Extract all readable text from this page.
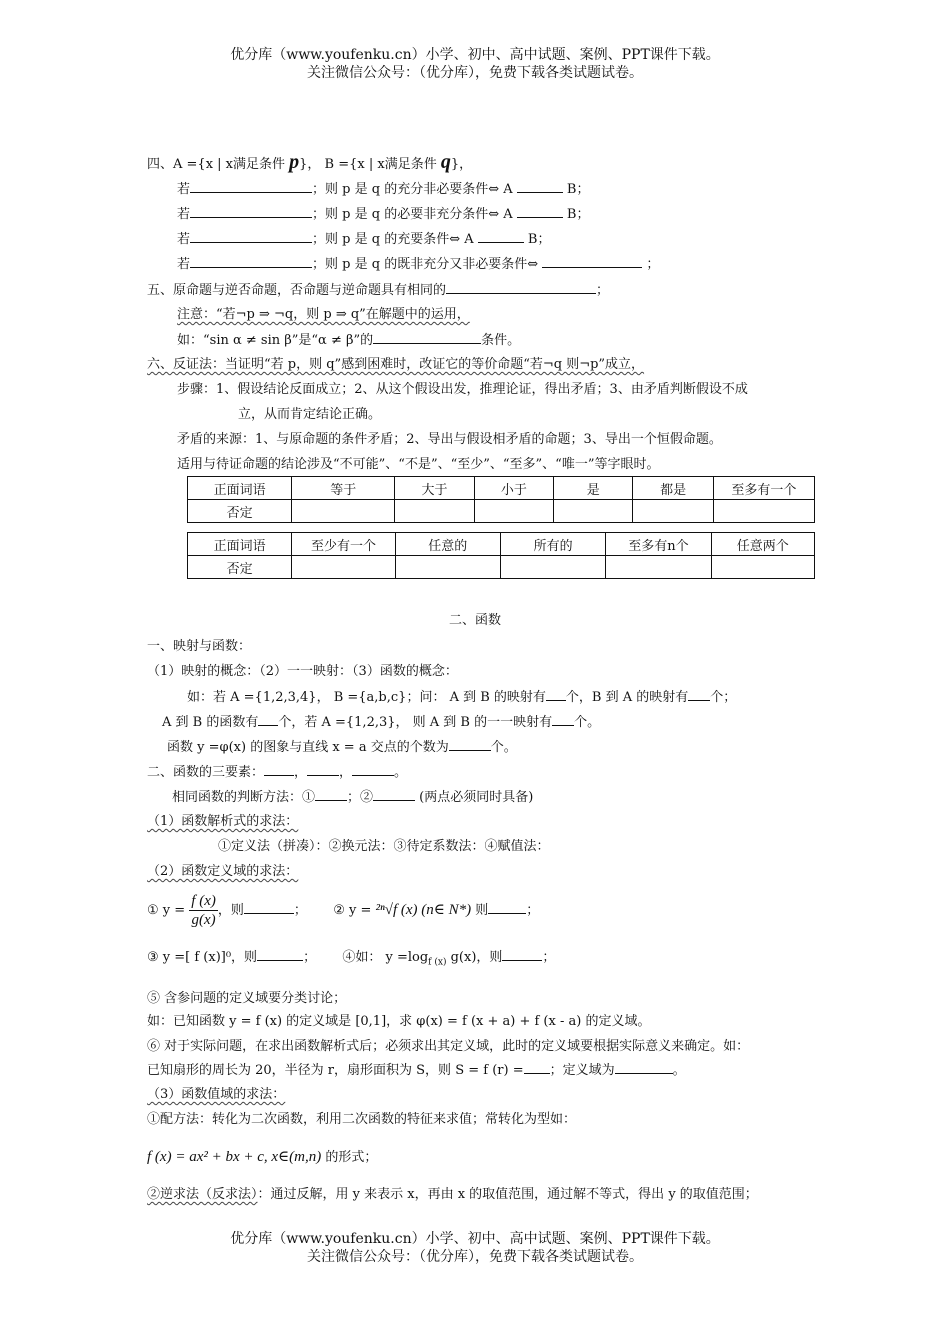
优分库（www.youfenku.cn）小学、初中、高中试题、案例、PPT课件下载。
关注微信公众号：（优分库），免费下载各类试题试卷。
四、A ={x | x满足条件 p}， B ={x | x满足条件 q}，
若	；则 p 是 q 的充分非必要条件⇔ A	B；
若	；则 p 是 q 的必要非充分条件⇔ A	B；
若	；则 p 是 q 的充要条件⇔ A	B；
若	；则 p 是 q 的既非充分又非必要条件⇔	；
五、原命题与逆否命题，否命题与逆命题具有相同的	；
注意：“若¬p ⇒ ¬q，则 p ⇒ q”在解题中的运用，
如：“sin α ≠ sin β”是“α ≠ β”的	条件。
六、反证法：当证明“若 p，则 q”感到困难时，改证它的等价命题“若¬q 则¬p”成立，
步骤：1、假设结论反面成立；2、从这个假设出发，推理论证，得出矛盾；3、由矛盾判断假设不成
立，从而肯定结论正确。
矛盾的来源：1、与原命题的条件矛盾；2、导出与假设相矛盾的命题；3、导出一个恒假命题。
适用与待证命题的结论涉及“不可能”、“不是”、“至少”、“至多”、“唯一”等字眼时。
正面词语	等于	大于	小于	是	都是	至多有一个
否定						
正面词语	至少有一个	任意的	所有的	至多有n个	任意两个
否定					
二、函数
一、映射与函数：
（1）映射的概念：（2）一一映射：（3）函数的概念：
如：若 A ={1,2,3,4}， B ={a,b,c}；问： A 到 B 的映射有 个，B 到 A 的映射有 个；
A 到 B 的函数有 个，若 A ={1,2,3}， 则 A 到 B 的一一映射有 个。
函数 y =φ(x) 的图象与直线 x = a 交点的个数为	个。
二、函数的三要素： ， ，	。
相同函数的判断方法：① ；②	(两点必须同时具备)
（1）函数解析式的求法：
①定义法（拼凑）：②换元法：③待定系数法：④赋值法：
（2）函数定义域的求法：
① $y = \frac{f (x)}{g(x)}$ ，则	； ② y = ²ⁿ√f (x) (n∈ N*) 则	；
③ y =[ f (x)]⁰，则	； ④如： $y =\log_{f (x)}$ g(x)，则	；
⑤ 含参问题的定义域要分类讨论；
如：已知函数 y = f (x) 的定义域是 [0,1]，求 φ(x) = f (x + a) + f (x - a) 的定义域。
⑥ 对于实际问题，在求出函数解析式后；必须求出其定义域，此时的定义域要根据实际意义来确定。如：
已知扇形的周长为 20，半径为 r，扇形面积为 S，则 S = f (r) = ；定义域为	。
（3）函数值域的求法：
①配方法：转化为二次函数，利用二次函数的特征来求值；常转化为型如：
f (x) = ax² + bx + c, x∈(m,n) 的形式；
②逆求法（反求法）：通过反解，用 y 来表示 x，再由 x 的取值范围，通过解不等式，得出 y 的取值范围；
优分库（www.youfenku.cn）小学、初中、高中试题、案例、PPT课件下载。
关注微信公众号：（优分库），免费下载各类试题试卷。
